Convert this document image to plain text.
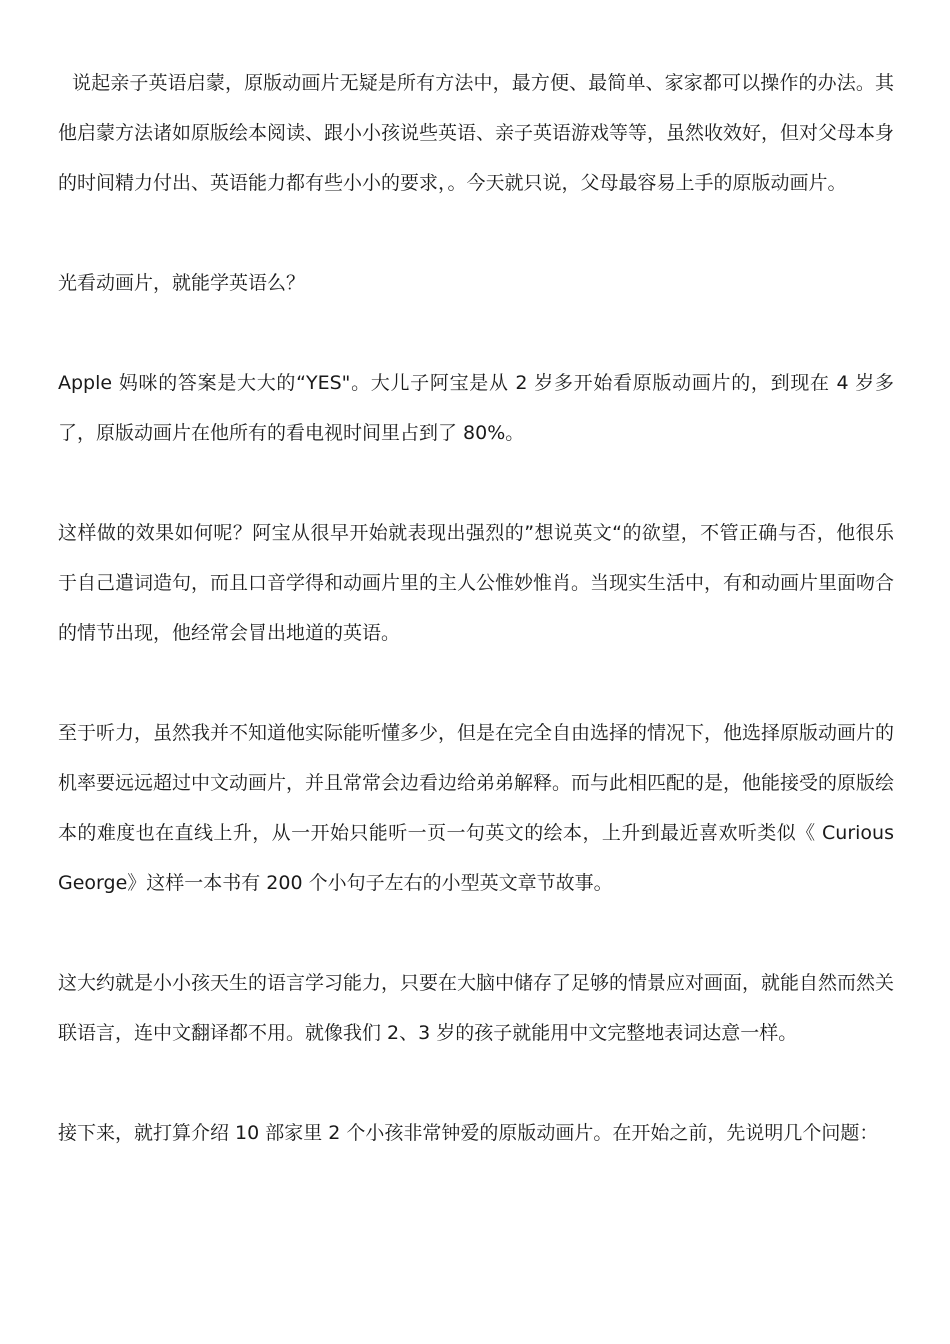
说起亲子英语启蒙，原版动画片无疑是所有方法中，最方便、最简单、家家都可以操作的办法。其他启蒙方法诸如原版绘本阅读、跟小小孩说些英语、亲子英语游戏等等，虽然收效好，但对父母本身的时间精力付出、英语能力都有些小小的要求，。今天就只说，父母最容易上手的原版动画片。

光看动画片，就能学英语么？

Apple 妈咪的答案是大大的“YES"。大儿子阿宝是从 2 岁多开始看原版动画片的，到现在 4 岁多了，原版动画片在他所有的看电视时间里占到了 80%。

这样做的效果如何呢？阿宝从很早开始就表现出强烈的”想说英文“的欲望，不管正确与否，他很乐于自己遣词造句，而且口音学得和动画片里的主人公惟妙惟肖。当现实生活中，有和动画片里面吻合的情节出现，他经常会冒出地道的英语。

至于听力，虽然我并不知道他实际能听懂多少，但是在完全自由选择的情况下，他选择原版动画片的机率要远远超过中文动画片，并且常常会边看边给弟弟解释。而与此相匹配的是，他能接受的原版绘本的难度也在直线上升，从一开始只能听一页一句英文的绘本，上升到最近喜欢听类似《 Curious George》这样一本书有 200 个小句子左右的小型英文章节故事。

这大约就是小小孩天生的语言学习能力，只要在大脑中储存了足够的情景应对画面，就能自然而然关联语言，连中文翻译都不用。就像我们 2、3 岁的孩子就能用中文完整地表词达意一样。

接下来，就打算介绍 10 部家里 2 个小孩非常钟爱的原版动画片。在开始之前，先说明几个问题：
